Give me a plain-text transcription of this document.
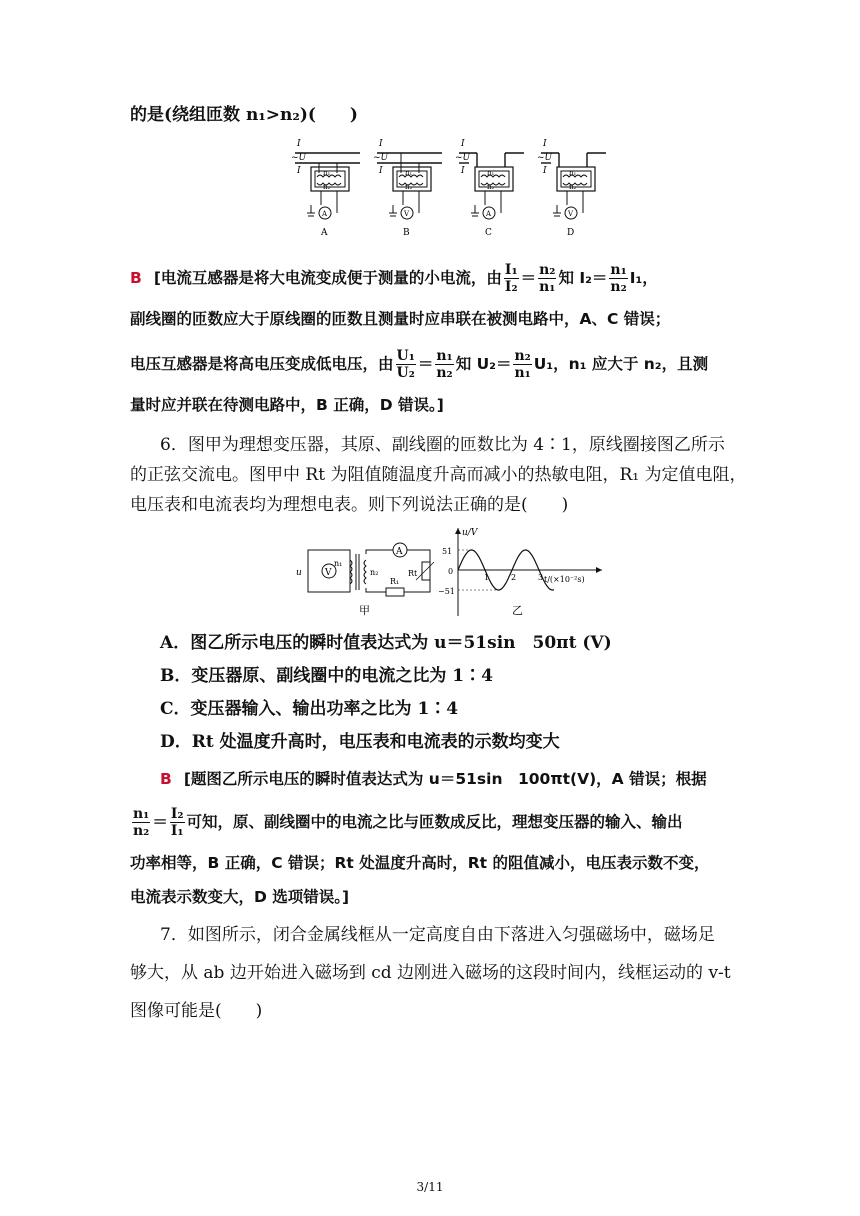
的是(绕组匝数 n₁>n₂)(　　)
I	I	I	I
~U	~U	~U	~U
I	I	I	I
n₁	n₁	n₁	n₁
n₂	n₂	n₂	n₂
A	V	A	V
A	B	C	D
B [电流互感器是将大电流变成便于测量的小电流，由 $\frac{\text{I₁}}{\text{I₂}} = \frac{\text{n₂}}{\text{n₁}}$ 知 $I_2= \frac{\text{n₁}}{\text{n₂}} I_1$，
副线圈的匝数应大于原线圈的匝数且测量时应串联在被测电路中，A、C 错误；
电压互感器是将高电压变成低电压，由 $\frac{\text{U₁}}{\text{U₂}} = \frac{\text{n₁}}{\text{n₂}}$ 知 $U_2= \frac{\text{n₂}}{\text{n₁}} U_1$，n₁ 应大于 n₂，且测
量时应并联在待测电路中，B 正确，D 错误。]
6．图甲为理想变压器，其原、副线圈的匝数比为 4∶1，原线圈接图乙所示
的正弦交流电。图甲中 Rt 为阻值随温度升高而减小的热敏电阻，R₁ 为定值电阻，
电压表和电流表均为理想电表。则下列说法正确的是(　　)
V
A
u
n₁
n₂
R₁
Rt
甲
u/V
t/(×10⁻²s)
51
0
−51
1	2	3
乙
A．图乙所示电压的瞬时值表达式为 u＝51sin　50πt (V)
B．变压器原、副线圈中的电流之比为 1∶4
C．变压器输入、输出功率之比为 1∶4
D．Rt 处温度升高时，电压表和电流表的示数均变大
B [题图乙所示电压的瞬时值表达式为 u＝51sin　100πt(V)，A 错误；根据
$\frac{\text{n₁}}{\text{n₂}} = \frac{\text{I₂}}{\text{I₁}}$ 可知，原、副线圈中的电流之比与匝数成反比，理想变压器的输入、输出
功率相等，B 正确，C 错误；Rt 处温度升高时，Rt 的阻值减小，电压表示数不变，
电流表示数变大，D 选项错误。]
7．如图所示，闭合金属线框从一定高度自由下落进入匀强磁场中，磁场足
够大，从 ab 边开始进入磁场到 cd 边刚进入磁场的这段时间内，线框运动的 v-t
图像可能是(　　)
3/11
